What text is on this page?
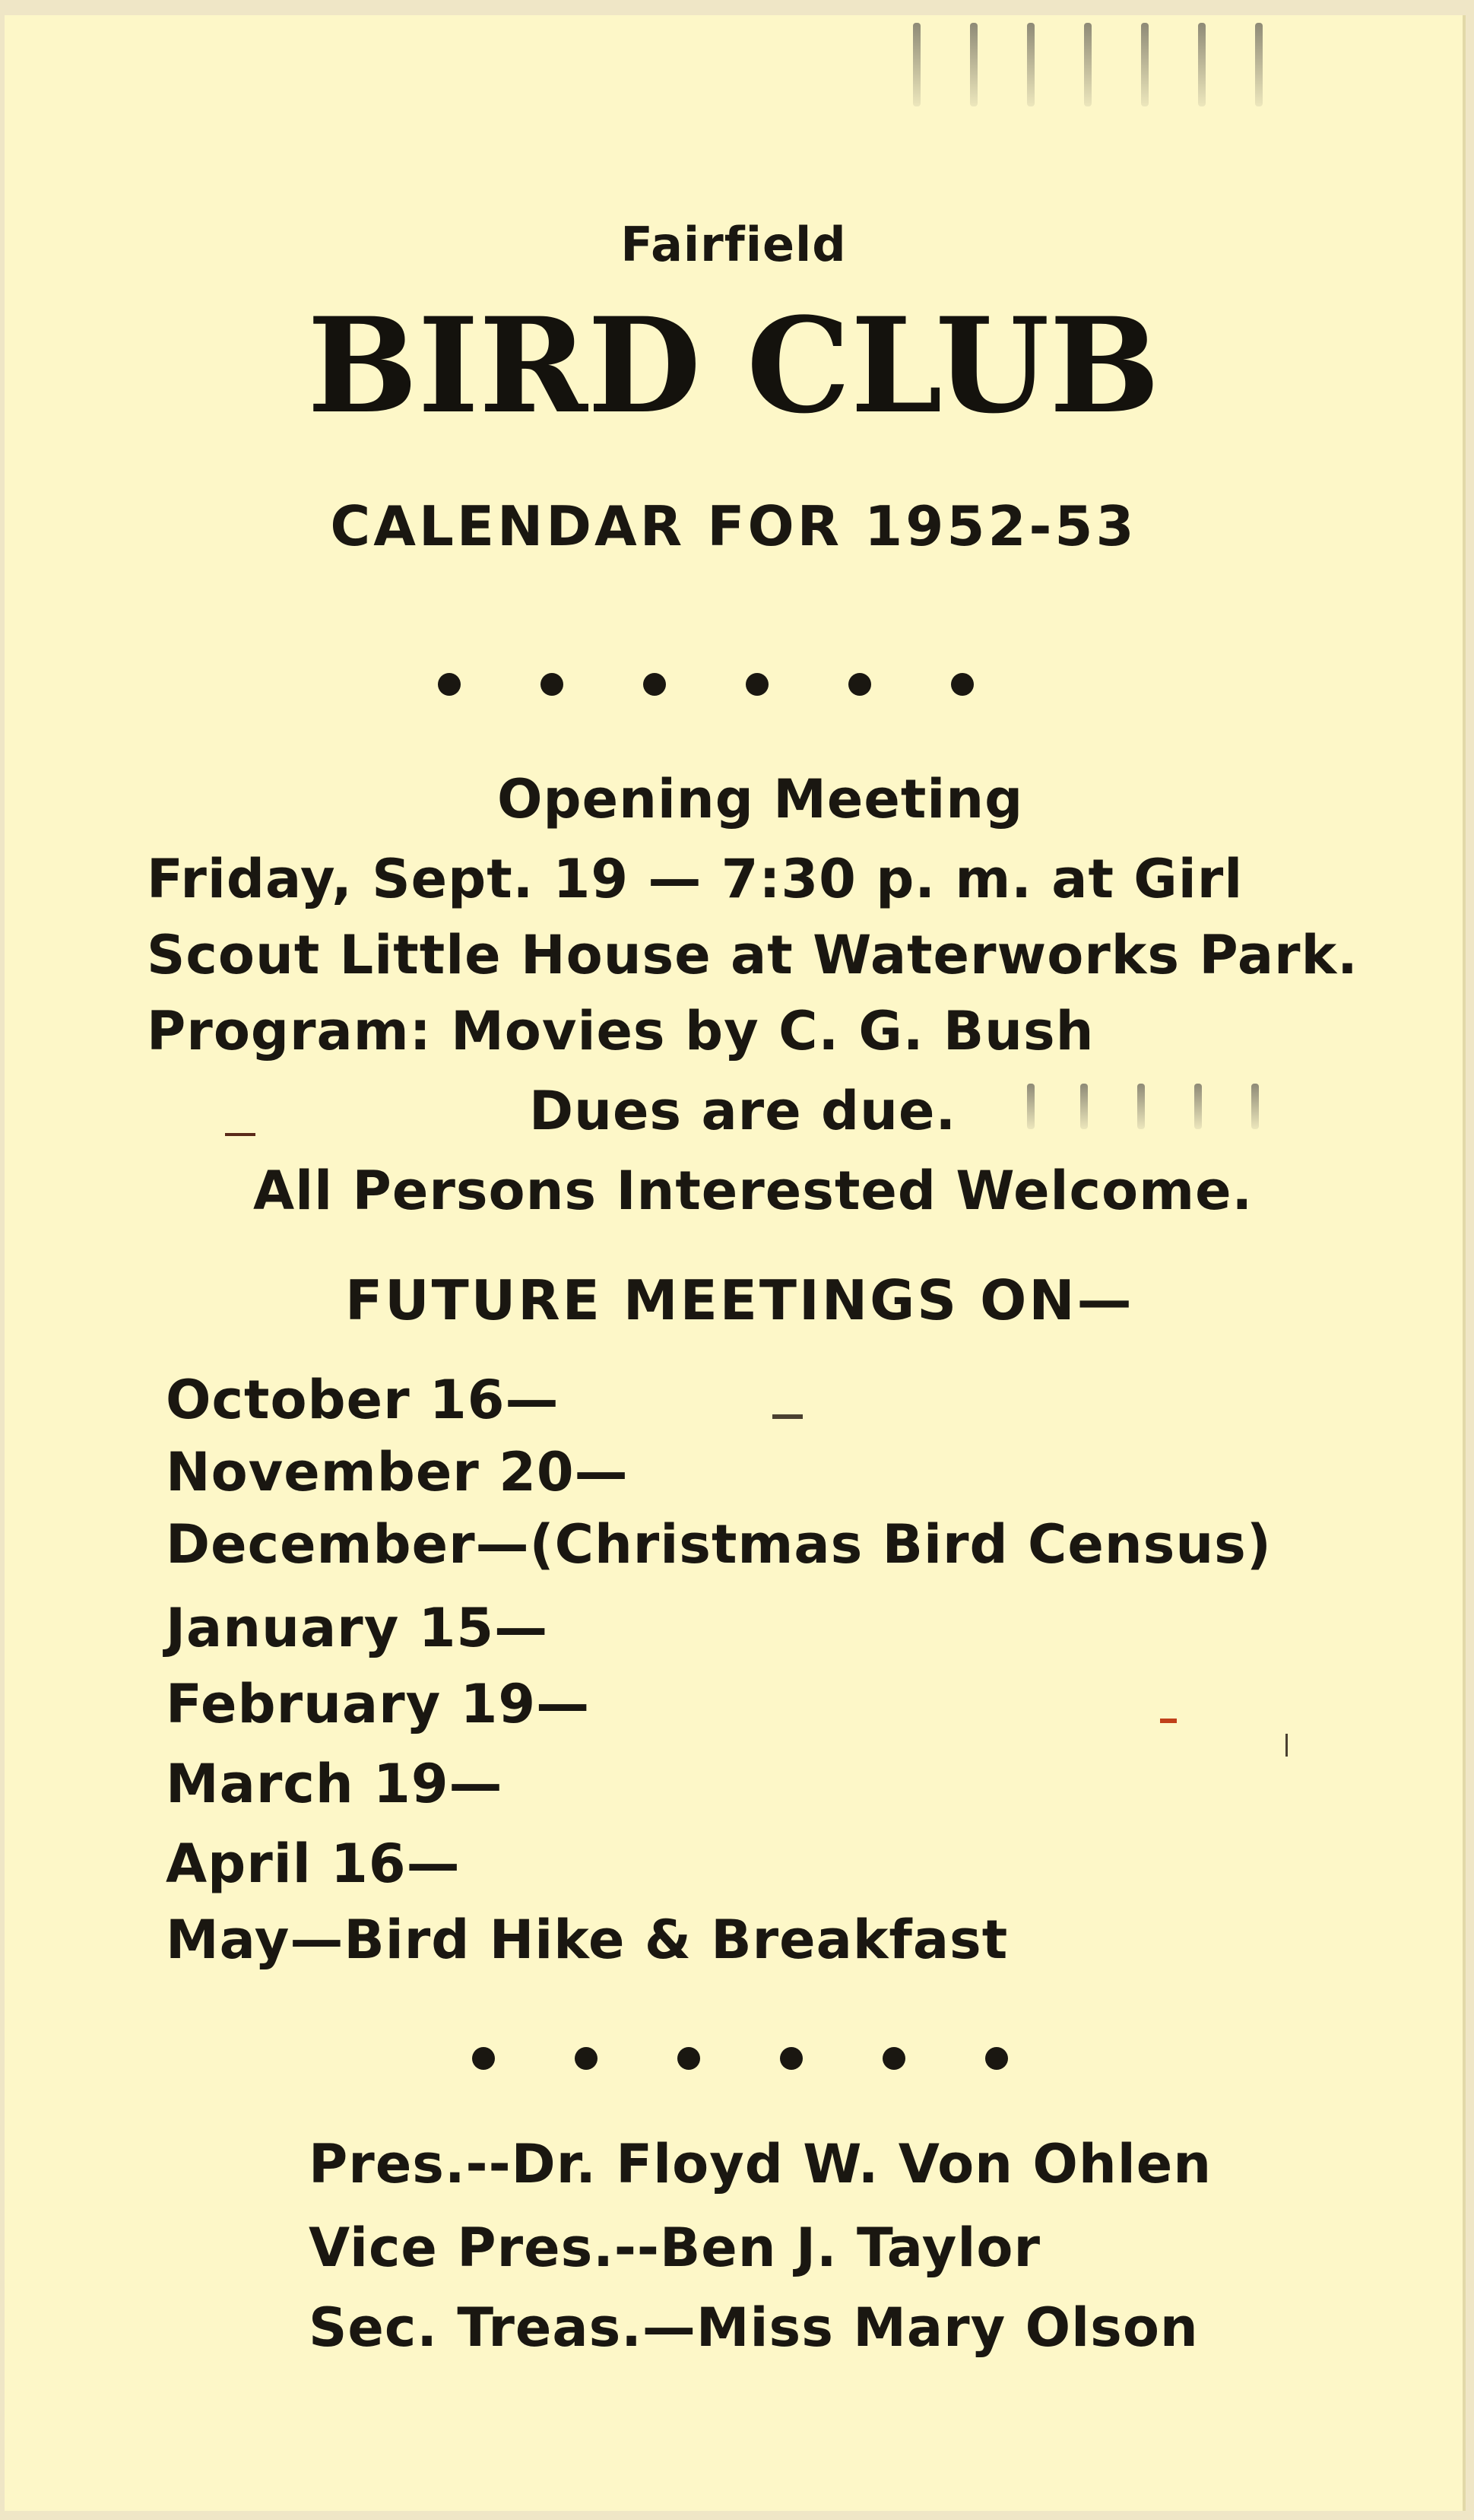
Fairfield
BIRD CLUB
CALENDAR FOR 1952-53
Opening Meeting
Friday, Sept. 19 — 7:30 p. m. at Girl
Scout Little House at Waterworks Park.
Program: Movies by C. G. Bush
Dues are due.
All Persons Interested Welcome.
FUTURE MEETINGS ON—
October 16—
November 20—
December—(Christmas Bird Census)
January 15—
February 19—
March 19—
April 16—
May—Bird Hike & Breakfast
Pres.--Dr. Floyd W. Von Ohlen
Vice Pres.--Ben J. Taylor
Sec. Treas.—Miss Mary Olson
